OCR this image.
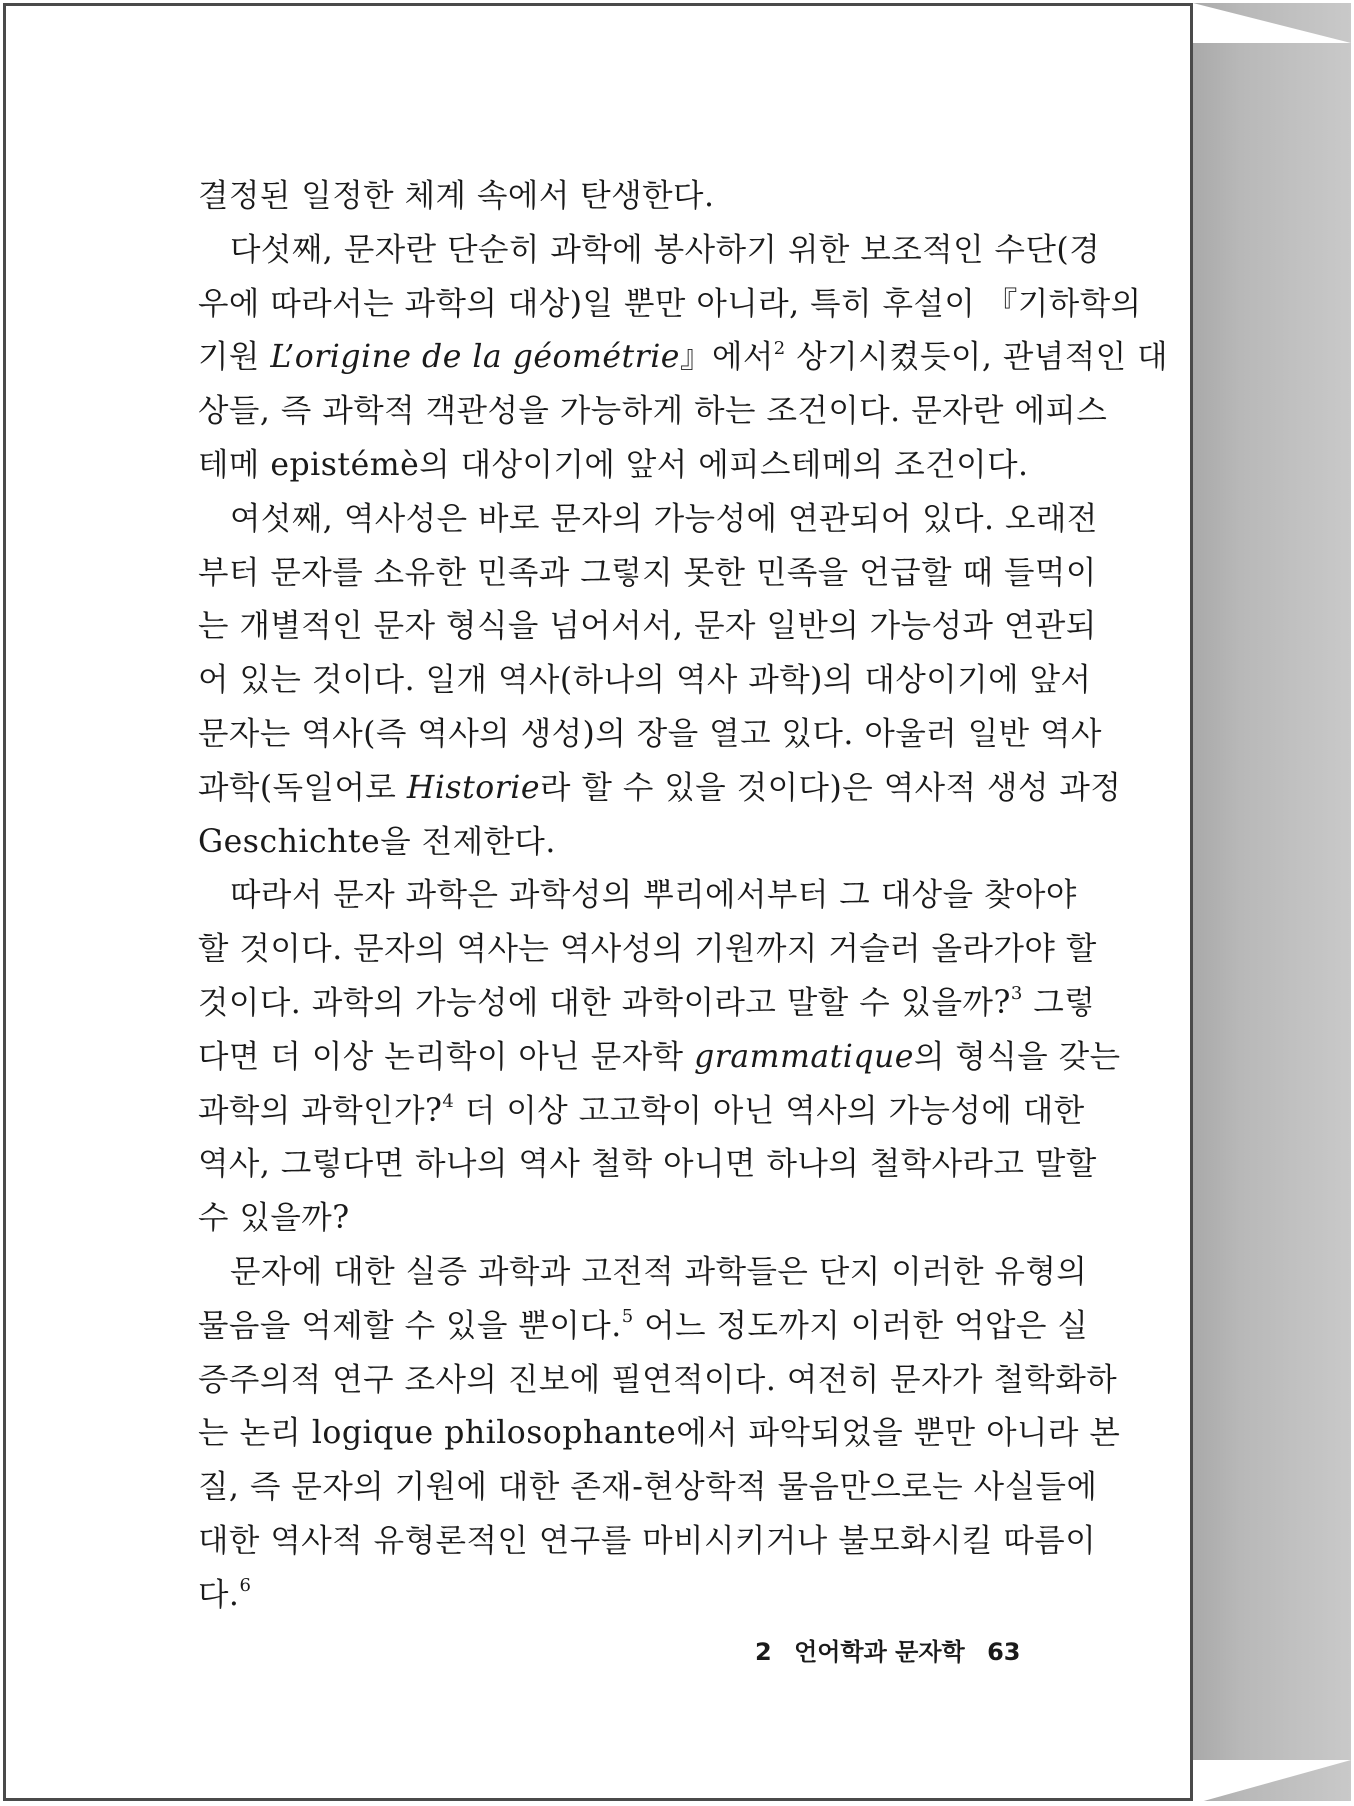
결정된 일정한 체계 속에서 탄생한다.
다섯째, 문자란 단순히 과학에 봉사하기 위한 보조적인 수단(경
우에 따라서는 과학의 대상)일 뿐만 아니라, 특히 후설이 『기하학의
기원 L’origine de la géométrie』에서$^2$ 상기시켰듯이, 관념적인 대
상들, 즉 과학적 객관성을 가능하게 하는 조건이다. 문자란 에피스
테메 epistémè의 대상이기에 앞서 에피스테메의 조건이다.
여섯째, 역사성은 바로 문자의 가능성에 연관되어 있다. 오래전
부터 문자를 소유한 민족과 그렇지 못한 민족을 언급할 때 들먹이
는 개별적인 문자 형식을 넘어서서, 문자 일반의 가능성과 연관되
어 있는 것이다. 일개 역사(하나의 역사 과학)의 대상이기에 앞서
문자는 역사(즉 역사의 생성)의 장을 열고 있다. 아울러 일반 역사
과학(독일어로 Historie라 할 수 있을 것이다)은 역사적 생성 과정
Geschichte을 전제한다.
따라서 문자 과학은 과학성의 뿌리에서부터 그 대상을 찾아야
할 것이다. 문자의 역사는 역사성의 기원까지 거슬러 올라가야 할
것이다. 과학의 가능성에 대한 과학이라고 말할 수 있을까?$^3$ 그렇
다면 더 이상 논리학이 아닌 문자학 grammatique의 형식을 갖는
과학의 과학인가?$^4$ 더 이상 고고학이 아닌 역사의 가능성에 대한
역사, 그렇다면 하나의 역사 철학 아니면 하나의 철학사라고 말할
수 있을까?
문자에 대한 실증 과학과 고전적 과학들은 단지 이러한 유형의
물음을 억제할 수 있을 뿐이다.$^5$ 어느 정도까지 이러한 억압은 실
증주의적 연구 조사의 진보에 필연적이다. 여전히 문자가 철학화하
는 논리 logique philosophante에서 파악되었을 뿐만 아니라 본
질, 즉 문자의 기원에 대한 존재-현상학적 물음만으로는 사실들에
대한 역사적 유형론적인 연구를 마비시키거나 불모화시킬 따름이
다.$^6$
2 언어학과 문자학 63
